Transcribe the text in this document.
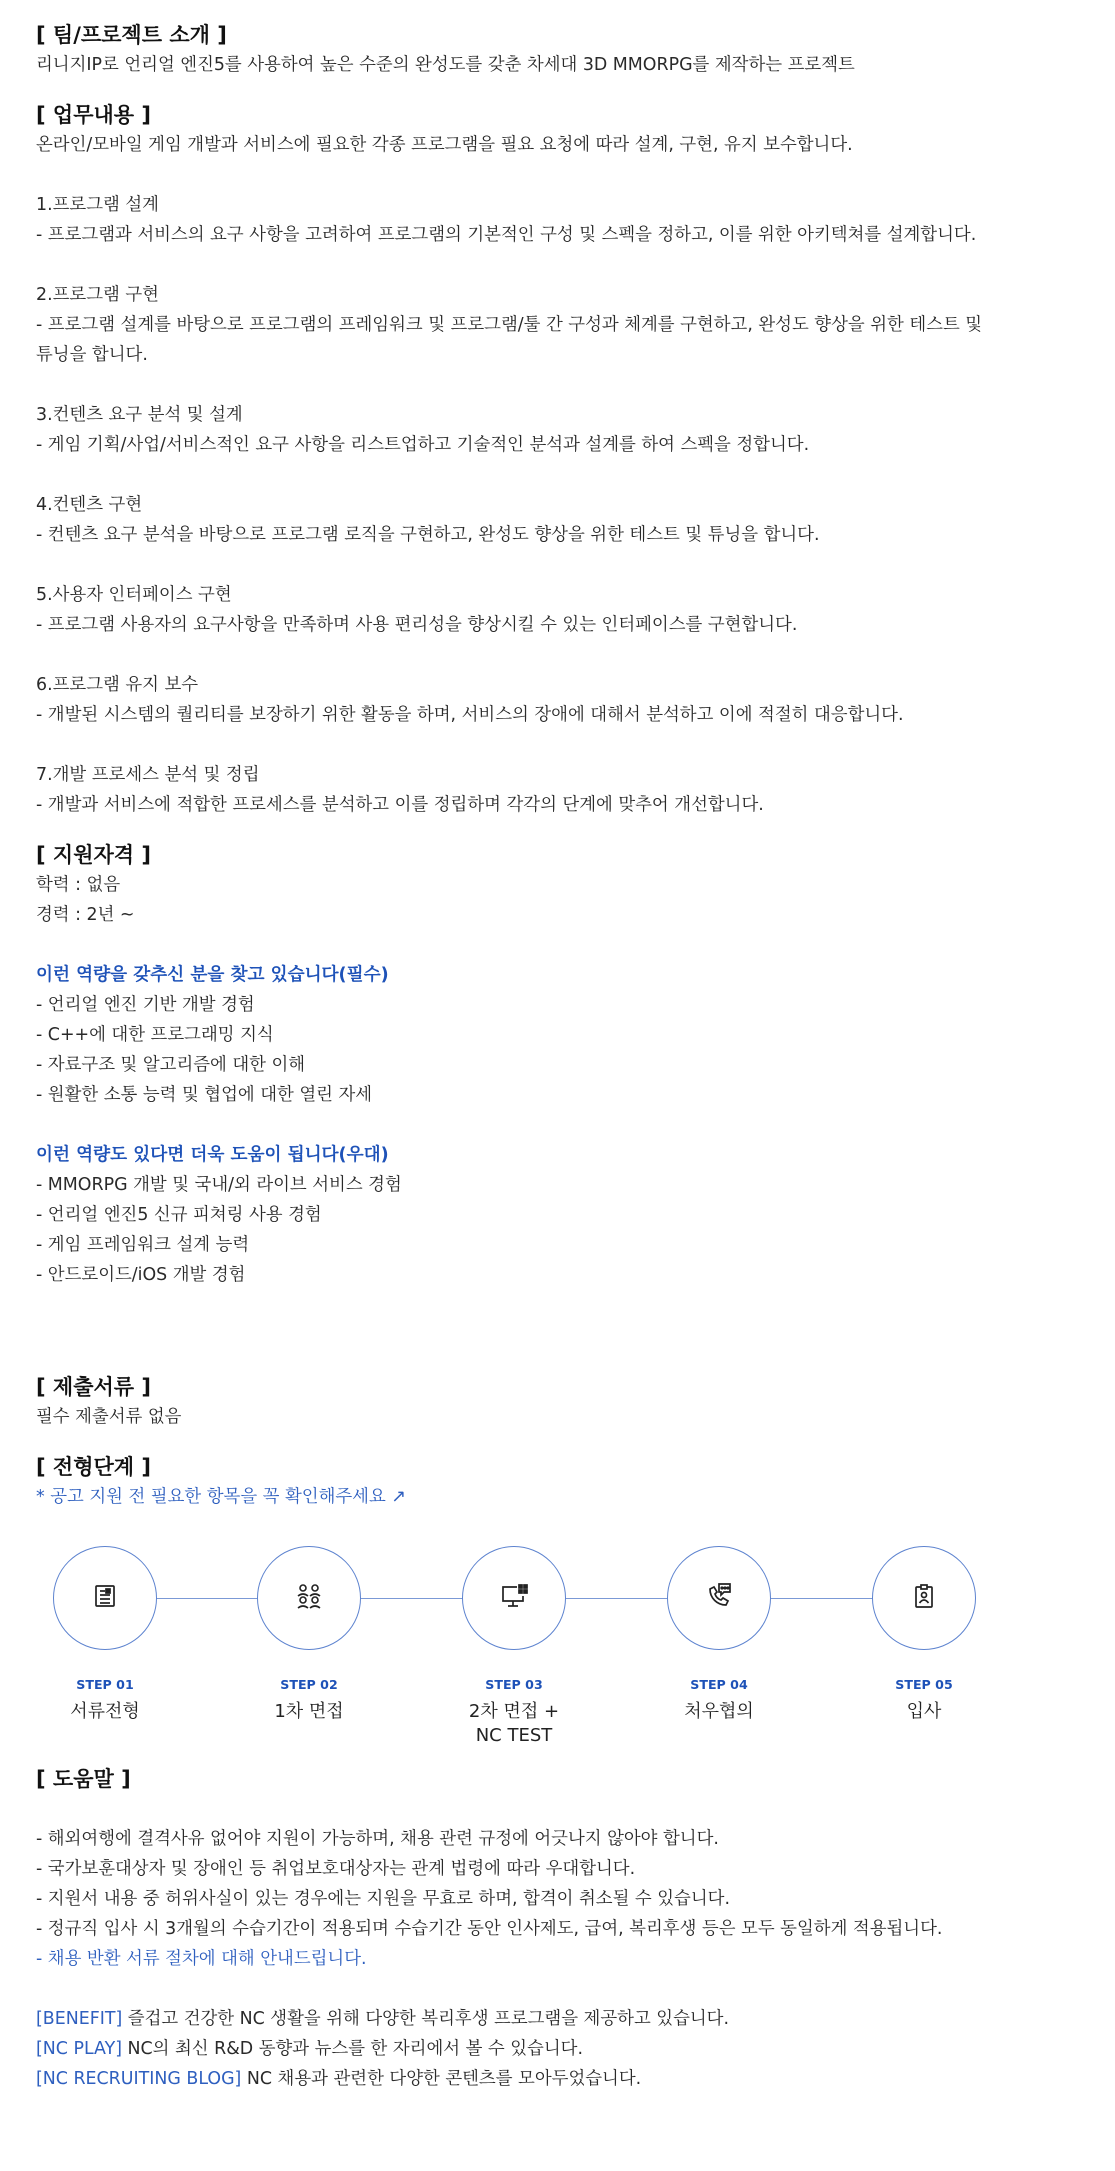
[ 팀/프로젝트 소개 ]

리니지IP로 언리얼 엔진5를 사용하여 높은 수준의 완성도를 갖춘 차세대 3D MMORPG를 제작하는 프로젝트

[ 업무내용 ]

온라인/모바일 게임 개발과 서비스에 필요한 각종 프로그램을 필요 요청에 따라 설계, 구현, 유지 보수합니다.

1.프로그램 설계

- 프로그램과 서비스의 요구 사항을 고려하여 프로그램의 기본적인 구성 및 스펙을 정하고, 이를 위한 아키텍쳐를 설계합니다.

2.프로그램 구현

- 프로그램 설계를 바탕으로 프로그램의 프레임워크 및 프로그램/툴 간 구성과 체계를 구현하고, 완성도 향상을 위한 테스트 및

튜닝을 합니다.

3.컨텐츠 요구 분석 및 설계

- 게임 기획/사업/서비스적인 요구 사항을 리스트업하고 기술적인 분석과 설계를 하여 스펙을 정합니다.

4.컨텐츠 구현

- 컨텐츠 요구 분석을 바탕으로 프로그램 로직을 구현하고, 완성도 향상을 위한 테스트 및 튜닝을 합니다.

5.사용자 인터페이스 구현

- 프로그램 사용자의 요구사항을 만족하며 사용 편리성을 향상시킬 수 있는 인터페이스를 구현합니다.

6.프로그램 유지 보수

- 개발된 시스템의 퀄리티를 보장하기 위한 활동을 하며, 서비스의 장애에 대해서 분석하고 이에 적절히 대응합니다.

7.개발 프로세스 분석 및 정립

- 개발과 서비스에 적합한 프로세스를 분석하고 이를 정립하며 각각의 단계에 맞추어 개선합니다.

[ 지원자격 ]

학력 : 없음

경력 : 2년 ~

이런 역량을 갖추신 분을 찾고 있습니다(필수)

- 언리얼 엔진 기반 개발 경험

- C++에 대한 프로그래밍 지식

- 자료구조 및 알고리즘에 대한 이해

- 원활한 소통 능력 및 협업에 대한 열린 자세

이런 역량도 있다면 더욱 도움이 됩니다(우대)

- MMORPG 개발 및 국내/외 라이브 서비스 경험

- 언리얼 엔진5 신규 피쳐링 사용 경험

- 게임 프레임워크 설계 능력

- 안드로이드/iOS 개발 경험

[ 제출서류 ]

필수 제출서류 없음

[ 전형단계 ]

* 공고 지원 전 필요한 항목을 꼭 확인해주세요 ↗
STEP 01
서류전형
STEP 02
1차 면접
STEP 03
2차 면접 +
NC TEST
STEP 04
처우협의
STEP 05
입사

[ 도움말 ]

- 해외여행에 결격사유 없어야 지원이 가능하며, 채용 관련 규정에 어긋나지 않아야 합니다.

- 국가보훈대상자 및 장애인 등 취업보호대상자는 관계 법령에 따라 우대합니다.

- 지원서 내용 중 허위사실이 있는 경우에는 지원을 무효로 하며, 합격이 취소될 수 있습니다.

- 정규직 입사 시 3개월의 수습기간이 적용되며 수습기간 동안 인사제도, 급여, 복리후생 등은 모두 동일하게 적용됩니다.

- 채용 반환 서류 절차에 대해 안내드립니다.

[BENEFIT] 즐겁고 건강한 NC 생활을 위해 다양한 복리후생 프로그램을 제공하고 있습니다.

[NC PLAY] NC의 최신 R&D 동향과 뉴스를 한 자리에서 볼 수 있습니다.

[NC RECRUITING BLOG] NC 채용과 관련한 다양한 콘텐츠를 모아두었습니다.
